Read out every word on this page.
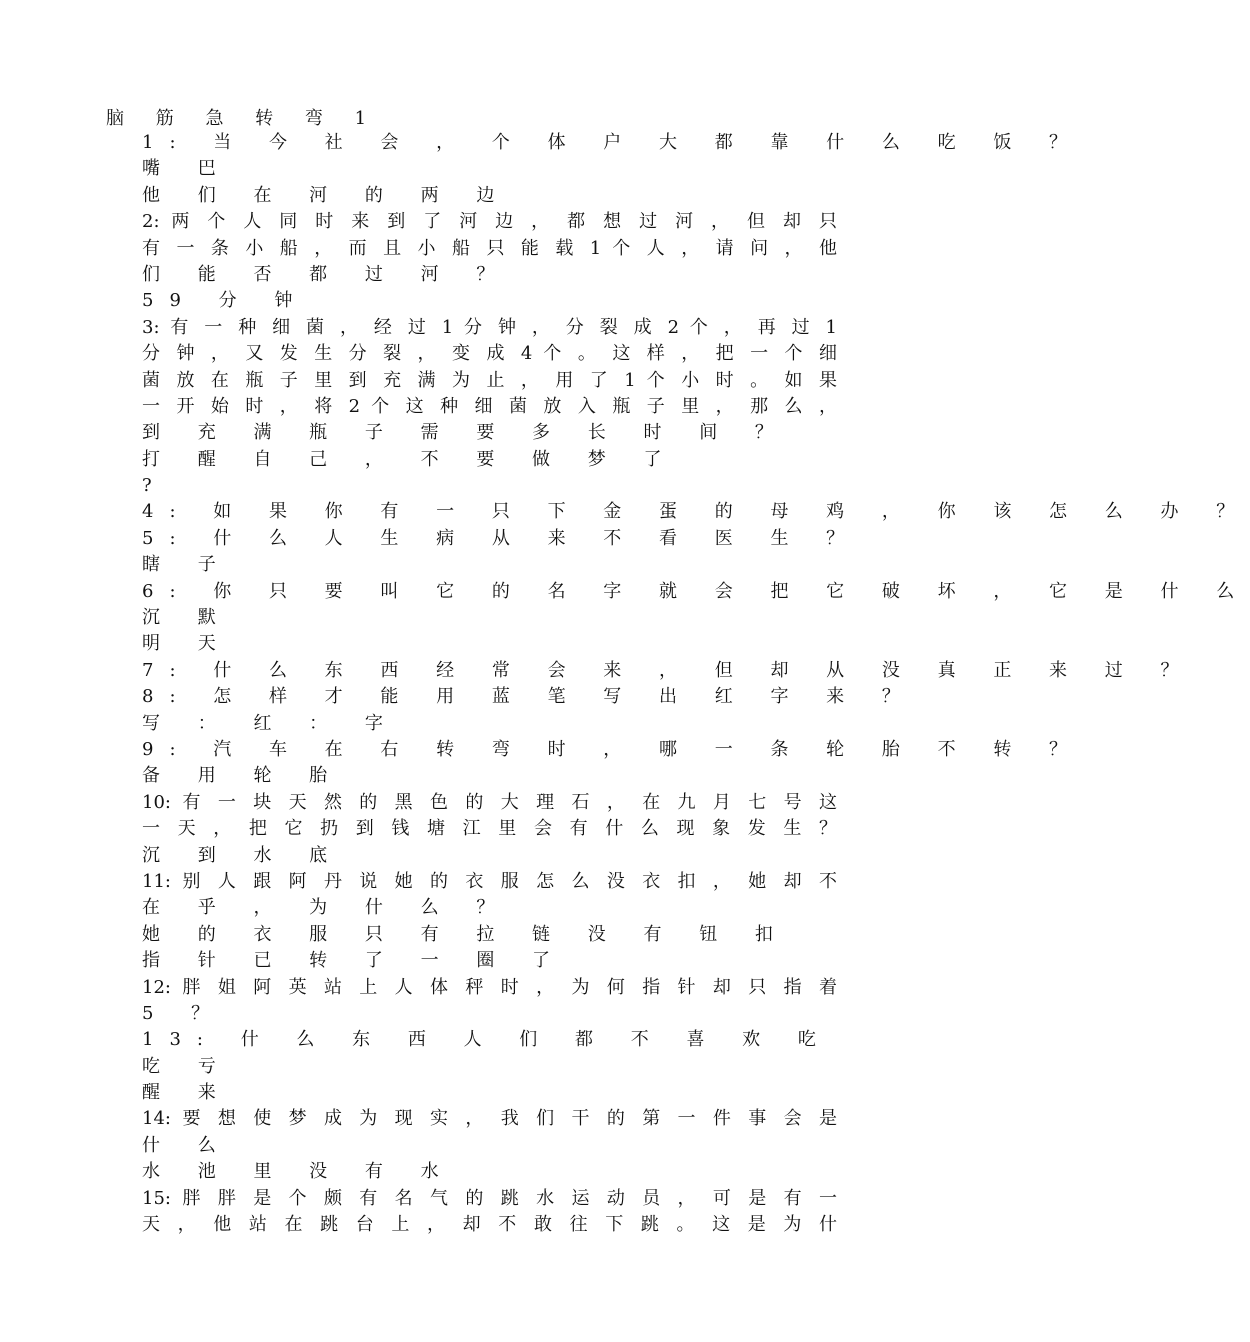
脑 筋 急 转 弯 1
1: 当 今 社 会 ， 个 体 户 大 都 靠 什 么 吃 饭 ？
嘴 巴
他 们 在 河 的 两 边
2: 两 个 人 同 时 来 到 了 河 边 ， 都 想 过 河 ， 但 却 只
有 一 条 小 船 ， 而 且 小 船 只 能 载 1 个 人 ， 请 问 ， 他
们 能 否 都 过 河 ？
59 分 钟
3: 有 一 种 细 菌 ， 经 过 1 分 钟 ， 分 裂 成 2 个 ， 再 过 1
分 钟 ， 又 发 生 分 裂 ， 变 成 4 个 。 这 样 ， 把 一 个 细
菌 放 在 瓶 子 里 到 充 满 为 止 ， 用 了 1 个 小 时 。 如 果
一 开 始 时 ， 将 2 个 这 种 细 菌 放 入 瓶 子 里 ， 那 么 ，
到 充 满 瓶 子 需 要 多 长 时 间 ？
打 醒 自 己 ， 不 要 做 梦 了
?
4: 如 果 你 有 一 只 下 金 蛋 的 母 鸡 ， 你 该 怎 么 办 ？
5: 什 么 人 生 病 从 来 不 看 医 生 ？
瞎 子
6: 你 只 要 叫 它 的 名 字 就 会 把 它 破 坏 ， 它 是 什 么
沉 默
明 天
7: 什 么 东 西 经 常 会 来 ， 但 却 从 没 真 正 来 过 ？
8: 怎 样 才 能 用 蓝 笔 写 出 红 字 来 ？
写 ： 红 ： 字
9: 汽 车 在 右 转 弯 时 ， 哪 一 条 轮 胎 不 转 ？
备 用 轮 胎
10: 有 一 块 天 然 的 黑 色 的 大 理 石 ， 在 九 月 七 号 这
一 天 ， 把 它 扔 到 钱 塘 江 里 会 有 什 么 现 象 发 生 ？
沉 到 水 底
11: 别 人 跟 阿 丹 说 她 的 衣 服 怎 么 没 衣 扣 ， 她 却 不
在 乎 ， 为 什 么 ？
她 的 衣 服 只 有 拉 链 没 有 钮 扣
指 针 已 转 了 一 圈 了
12: 胖 姐 阿 英 站 上 人 体 秤 时 ， 为 何 指 针 却 只 指 着
5 ？
13: 什 么 东 西 人 们 都 不 喜 欢 吃
吃 亏
醒 来
14: 要 想 使 梦 成 为 现 实 ， 我 们 干 的 第 一 件 事 会 是
什 么
水 池 里 没 有 水
15: 胖 胖 是 个 颇 有 名 气 的 跳 水 运 动 员 ， 可 是 有 一
天 ， 他 站 在 跳 台 上 ， 却 不 敢 往 下 跳 。 这 是 为 什
